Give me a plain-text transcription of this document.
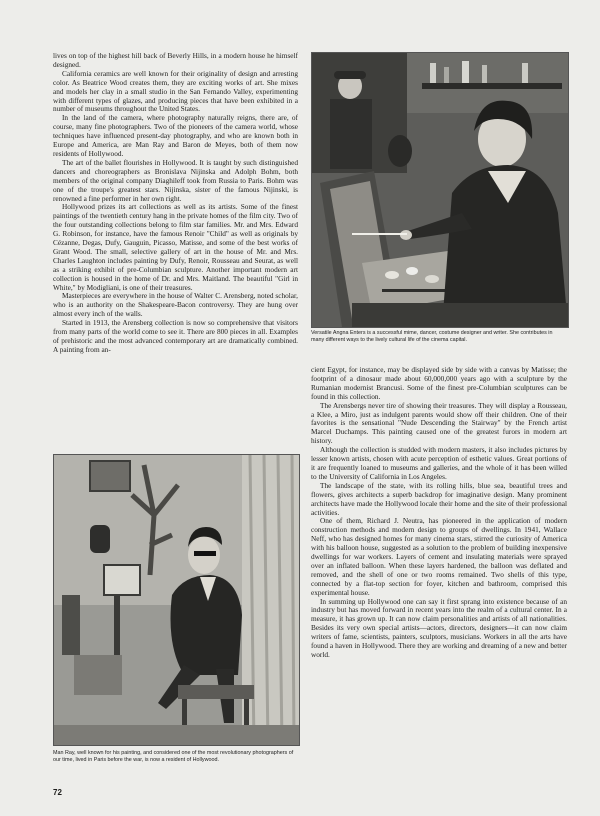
lives on top of the highest hill back of Beverly Hills, in a modern house he himself designed.

California ceramics are well known for their originality of design and arresting color. As Beatrice Wood creates them, they are exciting works of art. She mixes and models her clay in a small studio in the San Fernando Valley, experimenting with different types of glazes, and producing pieces that have been exhibited in a number of museums throughout the United States.

In the land of the camera, where photography naturally reigns, there are, of course, many fine photographers. Two of the pioneers of the camera world, whose techniques have influenced present-day photography, and who are known both in Europe and America, are Man Ray and Baron de Meyes, both of them now residents of Hollywood.

The art of the ballet flourishes in Hollywood. It is taught by such distinguished dancers and choreographers as Bronislava Nijinska and Adolph Bohm, both members of the original company Diaghileff took from Russia to Paris. Bohm was one of the troupe's greatest stars. Nijinska, sister of the famous Nijinski, is renowned a fine performer in her own right.

Hollywood prizes its art collections as well as its artists. Some of the finest paintings of the twentieth century hang in the private homes of the film city. Two of the four outstanding collections belong to film star families. Mr. and Mrs. Edward G. Robinson, for instance, have the famous Renoir "Child" as well as originals by Cézanne, Degas, Dufy, Gauguin, Picasso, Matisse, and some of the best works of Grant Wood. The small, selective gallery of art in the house of Mr. and Mrs. Charles Laughton includes painting by Dufy, Renoir, Rousseau and Seurat, as well as a striking exhibit of pre-Columbian sculpture. Another important modern art collection is housed in the home of Dr. and Mrs. Maitland. The beautiful "Girl in White," by Modigliani, is one of their treasures.

Masterpieces are everywhere in the house of Walter C. Arensberg, noted scholar, who is an authority on the Shakespeare-Bacon controversy. They are hung over almost every inch of the walls.

Started in 1913, the Arensberg collection is now so comprehensive that visitors from many parts of the world come to see it. There are 800 pieces in all. Examples of prehistoric and the most advanced contemporary art are dramatically combined. A painting from an-

Versatile Angna Enters is a successful mime, dancer, costume designer and writer. She contributes in many different ways to the lively cultural life of the cinema capital.

cient Egypt, for instance, may be displayed side by side with a canvas by Matisse; the footprint of a dinosaur made about 60,000,000 years ago with a sculpture by the Rumanian modernist Brancusi. Some of the finest pre-Columbian sculptures can be found in this collection.

The Arensbergs never tire of showing their treasures. They will display a Rousseau, a Klee, a Miro, just as indulgent parents would show off their children. One of their favorites is the sensational "Nude Descending the Stairway" by the French artist Marcel Duchamps. This painting caused one of the greatest furors in modern art history.

Although the collection is studded with modern masters, it also includes pictures by lesser known artists, chosen with acute perception of esthetic values. Great portions of it are frequently loaned to museums and galleries, and the whole of it has been willed to the University of California in Los Angeles.

The landscape of the state, with its rolling hills, blue sea, beautiful trees and flowers, gives architects a superb backdrop for imaginative design. Many prominent architects have made the Hollywood locale their home and the site of their professional activities.

One of them, Richard J. Neutra, has pioneered in the application of modern construction methods and modern design to groups of dwellings. In 1941, Wallace Neff, who has designed homes for many cinema stars, stirred the curiosity of America with his balloon house, suggested as a solution to the problem of building inexpensive dwellings for war workers. Layers of cement and insulating materials were sprayed over an inflated balloon. When these layers hardened, the balloon was deflated and removed, and the shell of one or two rooms remained. Two shells of this type, connected by a flat-top section for foyer, kitchen and bathroom, comprised this experimental house.

In summing up Hollywood one can say it first sprang into existence because of an industry but has moved forward in recent years into the realm of a cultural center. In a measure, it has grown up. It can now claim personalities and artists of all nationalities. Besides its very own special artists—actors, directors, designers—it can now claim writers of fame, scientists, painters, sculptors, musicians. Workers in all the arts have found a haven in Hollywood. There they are working and dreaming of a new and better world.

Man Ray, well known for his painting, and considered one of the most revolutionary photographers of our time, lived in Paris before the war, is now a resident of Hollywood.
72
